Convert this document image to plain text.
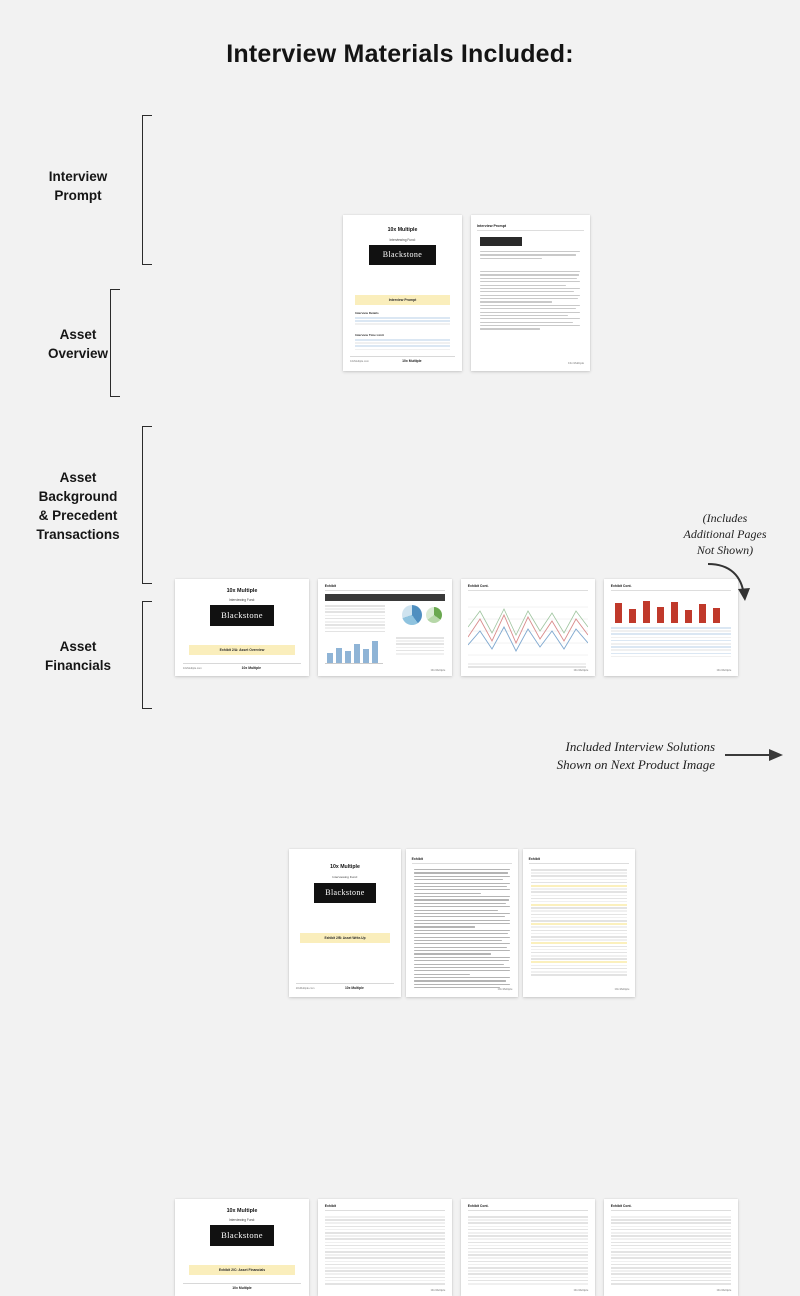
Interview Materials Included:
Interview
Prompt
10x Multiple
Interviewing Fund:
Blackstone
Interview Prompt
Interview Details
Interview Time Limit
10xMultiple.com	10x Multiple
Interview Prompt
10x Multiple
Asset
Overview
10x Multiple
Interviewing Fund:
Blackstone
Exhibit 2/A: Asset Overview
10xMultiple.com	10x Multiple
Exhibit
10x Multiple
Exhibit Cont.
10x Multiple
Exhibit Cont.
10x Multiple
Asset
Background
& Precedent
Transactions
10x Multiple
Interviewing Fund:
Blackstone
Exhibit 2/B: Asset Write-Up
10xMultiple.com	10x Multiple
Exhibit
10x Multiple
Exhibit
10x Multiple
(Includes
Additional Pages
Not Shown)
Asset
Financials
10x Multiple
Interviewing Fund:
Blackstone
Exhibit 2/C: Asset Financials
10x Multiple
Exhibit
10x Multiple
Exhibit Cont.
10x Multiple
Exhibit Cont.
10x Multiple
Included Interview Solutions
Shown on Next Product Image
